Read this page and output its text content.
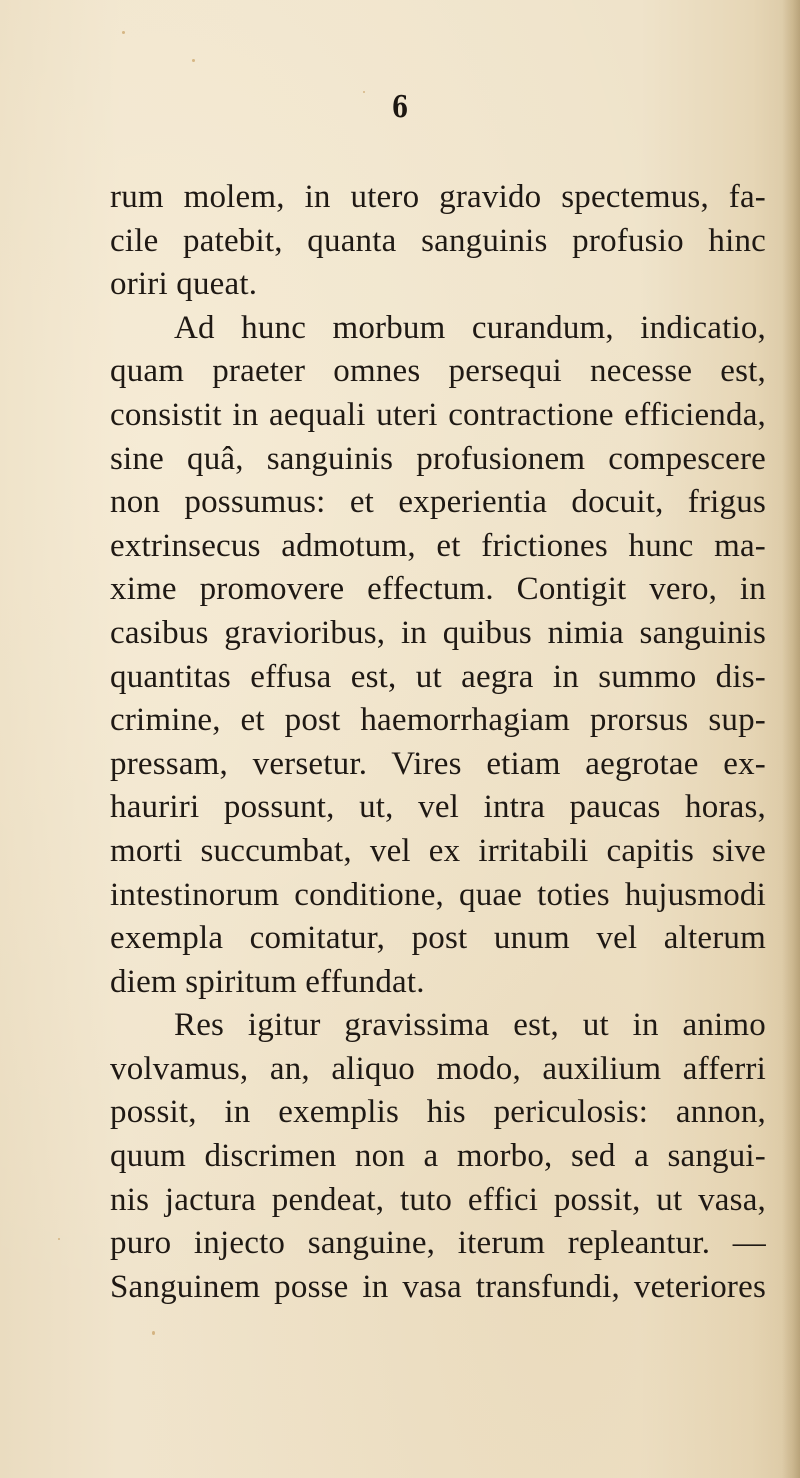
6
rum molem, in utero gravido spectemus, fa-
cile patebit, quanta sanguinis profusio hinc
oriri queat.
Ad hunc morbum curandum, indicatio,
quam praeter omnes persequi necesse est,
consistit in aequali uteri contractione efficienda,
sine quâ, sanguinis profusionem compescere
non possumus: et experientia docuit, frigus
extrinsecus admotum, et frictiones hunc ma-
xime promovere effectum. Contigit vero, in
casibus gravioribus, in quibus nimia sanguinis
quantitas effusa est, ut aegra in summo dis-
crimine, et post haemorrhagiam prorsus sup-
pressam, versetur. Vires etiam aegrotae ex-
hauriri possunt, ut, vel intra paucas horas,
morti succumbat, vel ex irritabili capitis sive
intestinorum conditione, quae toties hujusmodi
exempla comitatur, post unum vel alterum
diem spiritum effundat.
Res igitur gravissima est, ut in animo
volvamus, an, aliquo modo, auxilium afferri
possit, in exemplis his periculosis: annon,
quum discrimen non a morbo, sed a sangui-
nis jactura pendeat, tuto effici possit, ut vasa,
puro injecto sanguine, iterum repleantur. —
Sanguinem posse in vasa transfundi, veteriores
